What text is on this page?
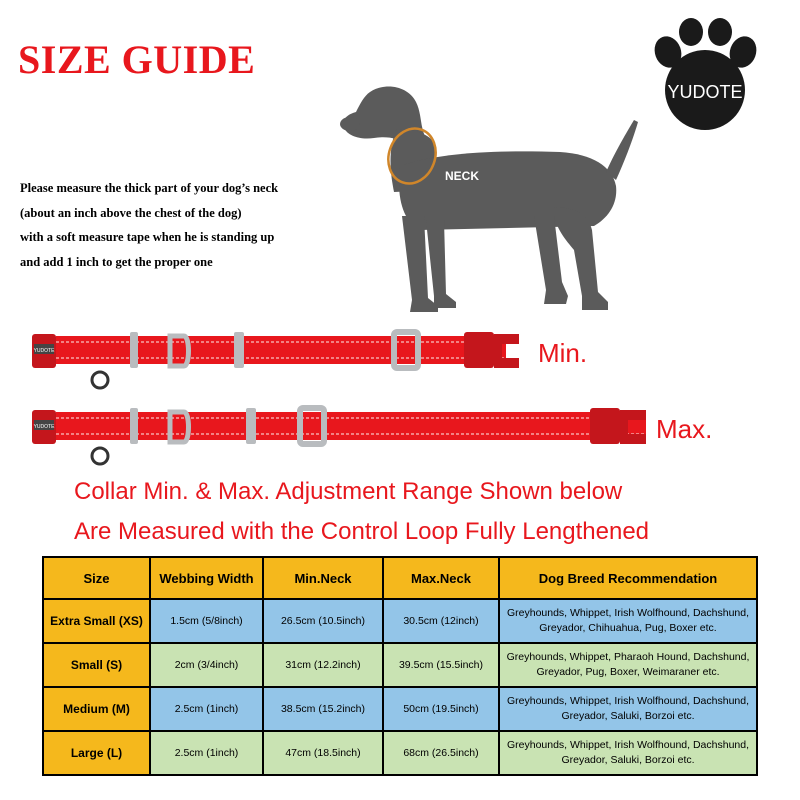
SIZE GUIDE
YUDOTE
Please measure the thick part of your dog’s neck
(about an inch above the chest of the dog)
with a soft measure tape when he is standing up
and add 1 inch to get the proper one
NECK
YUDOTE	Min.
YUDOTE	Max.
Collar Min. & Max. Adjustment Range Shown below
Are Measured with the Control Loop Fully Lengthened
Size	Webbing Width	Min.Neck	Max.Neck	Dog Breed Recommendation
Extra Small (XS)	1.5cm (5/8inch)	26.5cm (10.5inch)	30.5cm (12inch)	Greyhounds, Whippet, Irish Wolfhound, Dachshund,
Greyador, Chihuahua, Pug, Boxer etc.

Small (S)	2cm (3/4inch)	31cm (12.2inch)	39.5cm (15.5inch)	Greyhounds, Whippet, Pharaoh Hound, Dachshund,
Greyador, Pug, Boxer, Weimaraner etc.

Medium (M)	2.5cm (1inch)	38.5cm (15.2inch)	50cm (19.5inch)	Greyhounds, Whippet, Irish Wolfhound, Dachshund,
Greyador, Saluki, Borzoi etc.

Large (L)	2.5cm (1inch)	47cm (18.5inch)	68cm (26.5inch)	Greyhounds, Whippet, Irish Wolfhound, Dachshund,
Greyador, Saluki, Borzoi etc.
